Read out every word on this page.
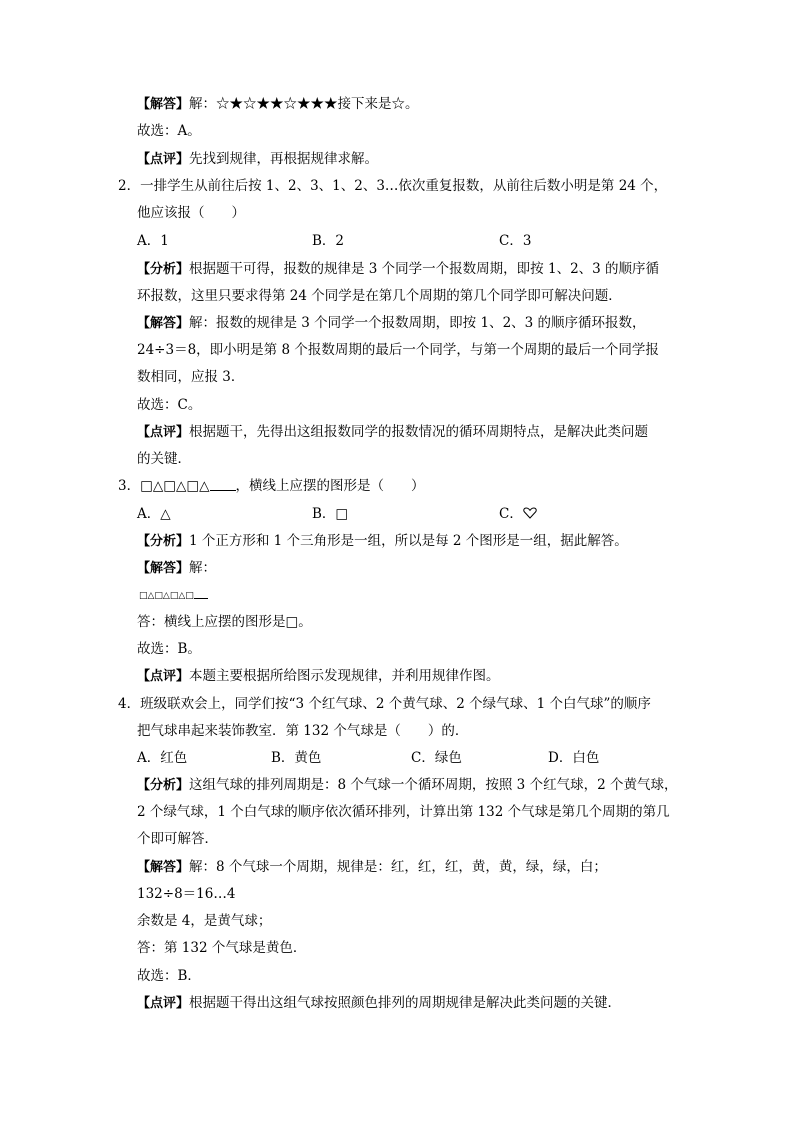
【解答】解：☆★☆★★☆★★★接下来是☆。
故选：A。
【点评】先找到规律，再根据规律求解。
2．一排学生从前往后按 1、2、3、1、2、3…依次重复报数，从前往后数小明是第 24 个，
他应该报（　　）
A．1	B．2	C．3
【分析】根据题干可得，报数的规律是 3 个同学一个报数周期，即按 1、2、3 的顺序循
环报数，这里只要求得第 24 个同学是在第几个周期的第几个同学即可解决问题．
【解答】解：报数的规律是 3 个同学一个报数周期，即按 1、2、3 的顺序循环报数，
24÷3＝8，即小明是第 8 个报数周期的最后一个同学，与第一个周期的最后一个同学报
数相同，应报 3．
故选：C。
【点评】根据题干，先得出这组报数同学的报数情况的循环周期特点，是解决此类问题
的关键．
3．□△□△□△ ，横线上应摆的图形是（　　）
A．△	B．□	C．
【分析】1 个正方形和 1 个三角形是一组，所以是每 2 个图形是一组，据此解答。
【解答】解：
□△□△□△□
答：横线上应摆的图形是□。
故选：B。
【点评】本题主要根据所给图示发现规律，并利用规律作图。
4．班级联欢会上，同学们按“3 个红气球、2 个黄气球、2 个绿气球、1 个白气球”的顺序
把气球串起来装饰教室．第 132 个气球是（　　）的．
A．红色	B．黄色	C．绿色	D．白色
【分析】这组气球的排列周期是：8 个气球一个循环周期，按照 3 个红气球，2 个黄气球，
2 个绿气球，1 个白气球的顺序依次循环排列，计算出第 132 个气球是第几个周期的第几
个即可解答．
【解答】解：8 个气球一个周期，规律是：红，红，红，黄，黄，绿，绿，白；
132÷8＝16…4
余数是 4，是黄气球；
答：第 132 个气球是黄色．
故选：B．
【点评】根据题干得出这组气球按照颜色排列的周期规律是解决此类问题的关键．
